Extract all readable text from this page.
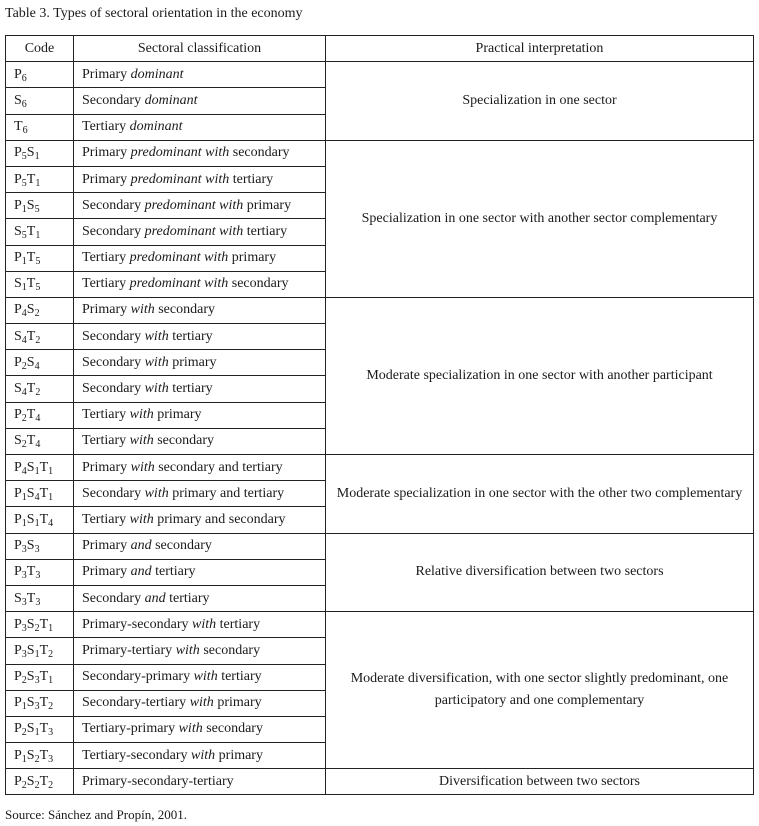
Table 3. Types of sectoral orientation in the economy
Code	Sectoral classification	Practical interpretation
$P_6$	Primary dominant	Specialization in one sector
$S_6$	Secondary dominant	
$T_6$	Tertiary dominant	
$P_5S_1$	Primary predominant with secondary	Specialization in one sector with another sector complementary
$P_5T_1$	Primary predominant with tertiary	
$P_1S_5$	Secondary predominant with primary	
$S_5T_1$	Secondary predominant with tertiary	
$P_1T_5$	Tertiary predominant with primary	
$S_1T_5$	Tertiary predominant with secondary	
$P_4S_2$	Primary with secondary	Moderate specialization in one sector with another participant
$S_4T_2$	Secondary with tertiary	
$P_2S_4$	Secondary with primary	
$S_4T_2$	Secondary with tertiary	
$P_2T_4$	Tertiary with primary	
$S_2T_4$	Tertiary with secondary	
$P_4S_1T_1$	Primary with secondary and tertiary	Moderate specialization in one sector with the other two complementary
$P_1S_4T_1$	Secondary with primary and tertiary	
$P_1S_1T_4$	Tertiary with primary and secondary	
$P_3S_3$	Primary and secondary	Relative diversification between two sectors
$P_3T_3$	Primary and tertiary	
$S_3T_3$	Secondary and tertiary	
$P_3S_2T_1$	Primary-secondary with tertiary	Moderate diversification, with one sector slightly predominant, one participatory and one complementary
$P_3S_1T_2$	Primary-tertiary with secondary	
$P_2S_3T_1$	Secondary-primary with tertiary	
$P_1S_3T_2$	Secondary-tertiary with primary	
$P_2S_1T_3$	Tertiary-primary with secondary	
$P_1S_2T_3$	Tertiary-secondary with primary	
$P_2S_2T_2$	Primary-secondary-tertiary	Diversification between two sectors
Source: Sánchez and Propín, 2001.
